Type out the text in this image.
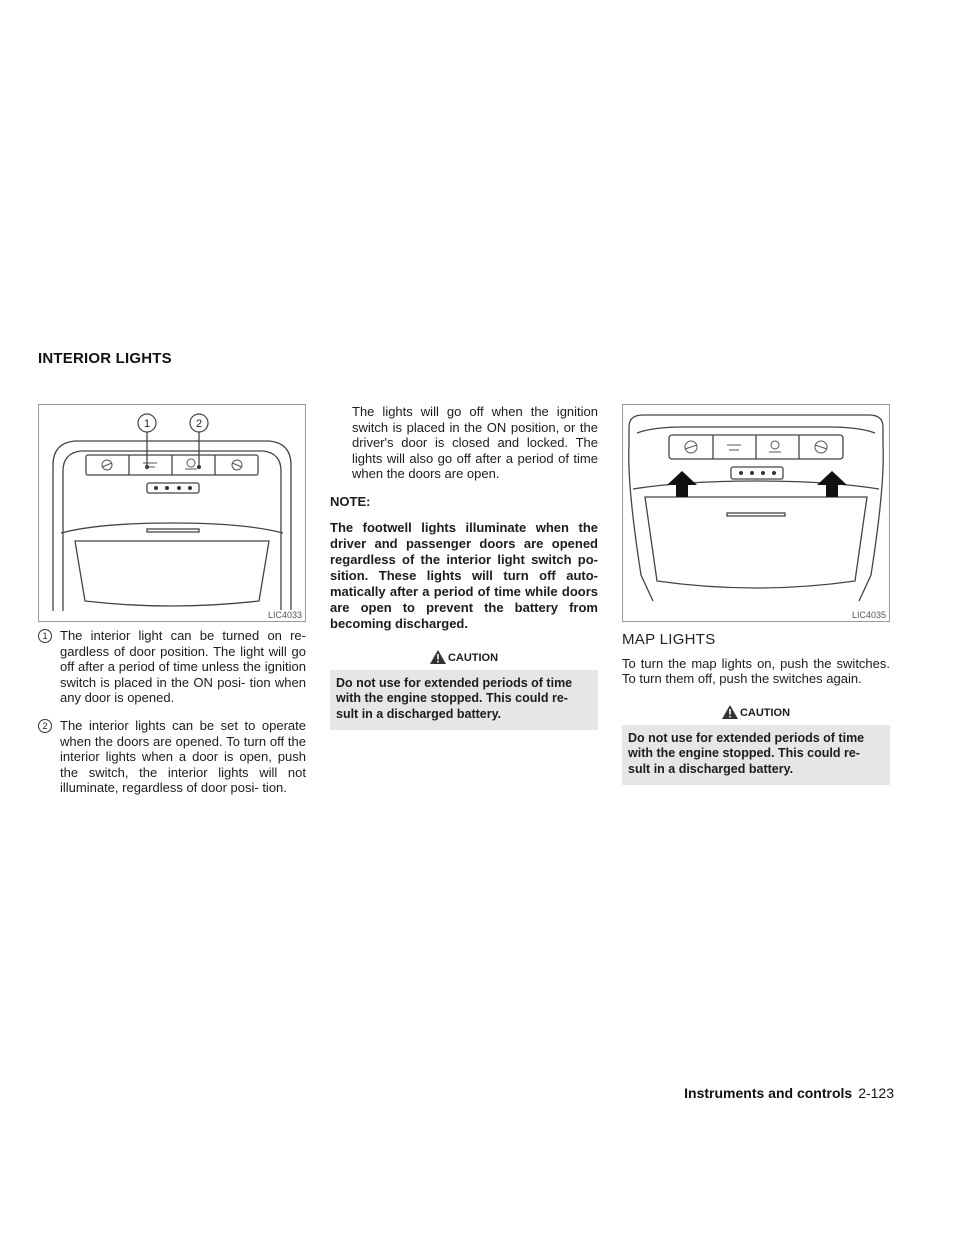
INTERIOR LIGHTS
1	2
LIC4033
1 The interior light can be turned on re- gardless of door position. The light will go off after a period of time unless the ignition switch is placed in the ON posi- tion when any door is opened.
2 The interior lights can be set to operate when the doors are opened. To turn off the interior lights when a door is open, push the switch, the interior lights will not illuminate, regardless of door posi- tion.
The lights will go off when the ignition switch is placed in the ON position, or the driver's door is closed and locked. The lights will also go off after a period of time when the doors are open.
NOTE:
The footwell lights illuminate when the driver and passenger doors are opened regardless of the interior light switch po- sition. These lights will turn off auto- matically after a period of time while doors are open to prevent the battery from becoming discharged.
CAUTION
Do not use for extended periods of time with the engine stopped. This could re- sult in a discharged battery.
LIC4035
MAP LIGHTS
To turn the map lights on, push the switches. To turn them off, push the switches again.
CAUTION
Do not use for extended periods of time with the engine stopped. This could re- sult in a discharged battery.
Instruments and controls 2-123
